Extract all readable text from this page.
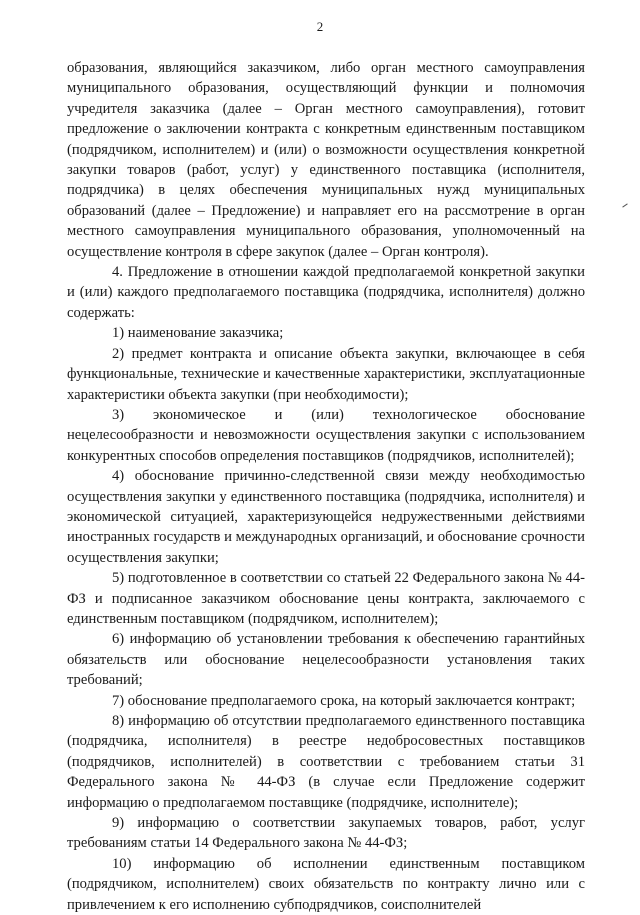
2

образования, являющийся заказчиком, либо орган местного самоуправления муниципального образования, осуществляющий функции и полномочия учредителя заказчика (далее – Орган местного самоуправления), готовит предложение о заключении контракта с конкретным единственным поставщиком (подрядчиком, исполнителем) и (или) о возможности осуществления конкретной закупки товаров (работ, услуг) у единственного поставщика (исполнителя, подрядчика) в целях обеспечения муниципальных нужд муниципальных образований (далее – Предложение) и направляет его на рассмотрение в орган местного самоуправления муниципального образования, уполномоченный на осуществление контроля в сфере закупок (далее – Орган контроля).

4. Предложение в отношении каждой предполагаемой конкретной закупки и (или) каждого предполагаемого поставщика (подрядчика, исполнителя) должно содержать:

1) наименование заказчика;

2) предмет контракта и описание объекта закупки, включающее в себя функциональные, технические и качественные характеристики, эксплуатационные характеристики объекта закупки (при необходимости);

3) экономическое и (или) технологическое обоснование нецелесообразности и невозможности осуществления закупки с использованием конкурентных способов определения поставщиков (подрядчиков, исполнителей);

4) обоснование причинно-следственной связи между необходимостью осуществления закупки у единственного поставщика (подрядчика, исполнителя) и экономической ситуацией, характеризующейся недружественными действиями иностранных государств и международных организаций, и обоснование срочности осуществления закупки;

5) подготовленное в соответствии со статьей 22 Федерального закона № 44-ФЗ и подписанное заказчиком обоснование цены контракта, заключаемого с единственным поставщиком (подрядчиком, исполнителем);

6) информацию об установлении требования к обеспечению гарантийных обязательств или обоснование нецелесообразности установления таких требований;

7) обоснование предполагаемого срока, на который заключается контракт;

8) информацию об отсутствии предполагаемого единственного поставщика (подрядчика, исполнителя) в реестре недобросовестных поставщиков (подрядчиков, исполнителей) в соответствии с требованием статьи 31 Федерального закона № 44-ФЗ (в случае если Предложение содержит информацию о предполагаемом поставщике (подрядчике, исполнителе);

9) информацию о соответствии закупаемых товаров, работ, услуг требованиям статьи 14 Федерального закона № 44-ФЗ;

10) информацию об исполнении единственным поставщиком (подрядчиком, исполнителем) своих обязательств по контракту лично или с привлечением к его исполнению субподрядчиков, соисполнителей
